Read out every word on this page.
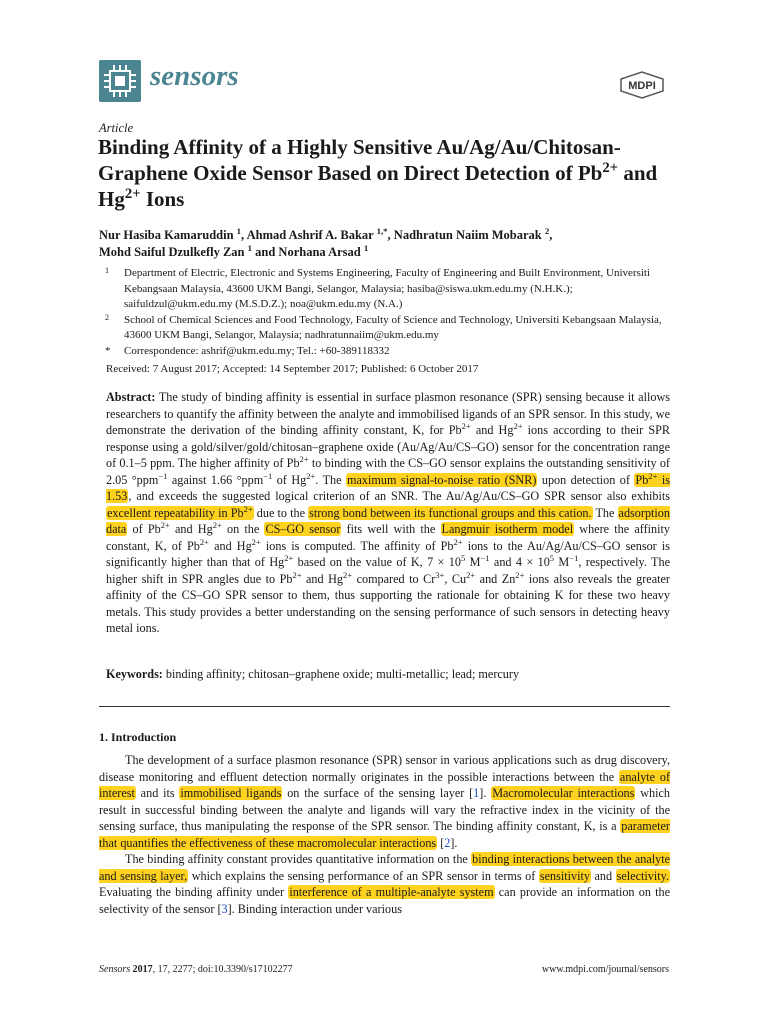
sensors	MDPI
Article
Binding Affinity of a Highly Sensitive Au/Ag/Au/Chitosan-Graphene Oxide Sensor Based on Direct Detection of $Pb^{2+}$ and $Hg^{2+}$ Ions
Nur Hasiba Kamaruddin $^1$, Ahmad Ashrif A. Bakar $^{1,*}$, Nadhratun Naiim Mobarak $^2$,
Mohd Saiful Dzulkefly Zan $^1$ and Norhana Arsad $^1$
1 Department of Electric, Electronic and Systems Engineering, Faculty of Engineering and Built Environment, Universiti Kebangsaan Malaysia, 43600 UKM Bangi, Selangor, Malaysia; hasiba@siswa.ukm.edu.my (N.H.K.); saifuldzul@ukm.edu.my (M.S.D.Z.); noa@ukm.edu.my (N.A.)
2 School of Chemical Sciences and Food Technology, Faculty of Science and Technology, Universiti Kebangsaan Malaysia, 43600 UKM Bangi, Selangor, Malaysia; nadhratunnaiim@ukm.edu.my
* Correspondence: ashrif@ukm.edu.my; Tel.: +60-389118332
Received: 7 August 2017; Accepted: 14 September 2017; Published: 6 October 2017
Abstract: The study of binding affinity is essential in surface plasmon resonance (SPR) sensing because it allows researchers to quantify the affinity between the analyte and immobilised ligands of an SPR sensor. In this study, we demonstrate the derivation of the binding affinity constant, K, for $Pb^{2+}$ and $Hg^{2+}$ ions according to their SPR response using a gold/silver/gold/chitosan–graphene oxide (Au/Ag/Au/CS–GO) sensor for the concentration range of 0.1–5 ppm. The higher affinity of $Pb^{2+}$ to binding with the CS–GO sensor explains the outstanding sensitivity of 2.05 °ppm$^{-1}$ against 1.66 °ppm$^{-1}$ of $Hg^{2+}$. The maximum signal-to-noise ratio (SNR) upon detection of $Pb^{2+}$ is 1.53, and exceeds the suggested logical criterion of an SNR. The Au/Ag/Au/CS–GO SPR sensor also exhibits excellent repeatability in $Pb^{2+}$ due to the strong bond between its functional groups and this cation. The adsorption data of $Pb^{2+}$ and $Hg^{2+}$ on the CS–GO sensor fits well with the Langmuir isotherm model where the affinity constant, K, of $Pb^{2+}$ and $Hg^{2+}$ ions is computed. The affinity of $Pb^{2+}$ ions to the Au/Ag/Au/CS–GO sensor is significantly higher than that of $Hg^{2+}$ based on the value of K, $7 \times 10^5$ $M^{-1}$ and $4 \times 10^5$ $M^{-1}$, respectively. The higher shift in SPR angles due to $Pb^{2+}$ and $Hg^{2+}$ compared to $Cr^{3+}$, $Cu^{2+}$ and $Zn^{2+}$ ions also reveals the greater affinity of the CS–GO SPR sensor to them, thus supporting the rationale for obtaining K for these two heavy metals. This study provides a better understanding on the sensing performance of such sensors in detecting heavy metal ions.
Keywords: binding affinity; chitosan–graphene oxide; multi-metallic; lead; mercury
1. Introduction

The development of a surface plasmon resonance (SPR) sensor in various applications such as drug discovery, disease monitoring and effluent detection normally originates in the possible interactions between the analyte of interest and its immobilised ligands on the surface of the sensing layer [1]. Macromolecular interactions which result in successful binding between the analyte and ligands will vary the refractive index in the vicinity of the sensing surface, thus manipulating the response of the SPR sensor. The binding affinity constant, K, is a parameter that quantifies the effectiveness of these macromolecular interactions [2].

The binding affinity constant provides quantitative information on the binding interactions between the analyte and sensing layer, which explains the sensing performance of an SPR sensor in terms of sensitivity and selectivity. Evaluating the binding affinity under interference of a multiple-analyte system can provide an information on the selectivity of the sensor [3]. Binding interaction under various

Sensors 2017, 17, 2277; doi:10.3390/s17102277	www.mdpi.com/journal/sensors
